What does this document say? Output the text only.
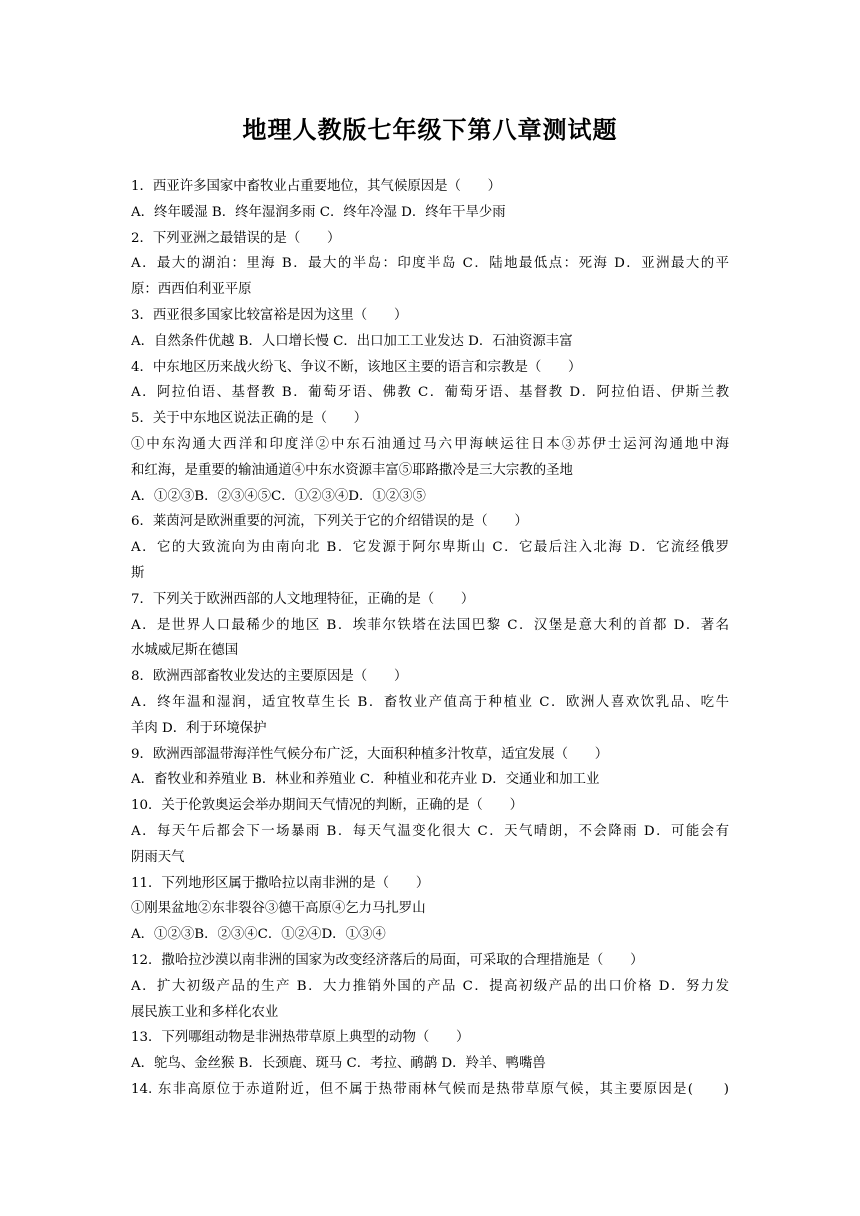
地理人教版七年级下第八章测试题
1．西亚许多国家中畜牧业占重要地位，其气候原因是（　　）
A．终年暖湿 B．终年湿润多雨 C．终年冷湿 D．终年干旱少雨
2．下列亚洲之最错误的是（　　）
A．最大的湖泊：里海 B．最大的半岛：印度半岛 C．陆地最低点：死海 D．亚洲最大的平
原：西西伯利亚平原
3．西亚很多国家比较富裕是因为这里（　　）
A．自然条件优越 B．人口增长慢 C．出口加工工业发达 D．石油资源丰富
4．中东地区历来战火纷飞、争议不断，该地区主要的语言和宗教是（　　）
A．阿拉伯语、基督教 B．葡萄牙语、佛教 C．葡萄牙语、基督教 D．阿拉伯语、伊斯兰教
5．关于中东地区说法正确的是（　　）
①中东沟通大西洋和印度洋②中东石油通过马六甲海峡运往日本③苏伊士运河沟通地中海
和红海，是重要的输油通道④中东水资源丰富⑤耶路撒冷是三大宗教的圣地
A．①②③B．②③④⑤C．①②③④D．①②③⑤
6．莱茵河是欧洲重要的河流，下列关于它的介绍错误的是（　　）
A．它的大致流向为由南向北 B．它发源于阿尔卑斯山 C．它最后注入北海 D．它流经俄罗
斯
7．下列关于欧洲西部的人文地理特征，正确的是（　　）
A．是世界人口最稀少的地区 B．埃菲尔铁塔在法国巴黎 C．汉堡是意大利的首都 D．著名
水城威尼斯在德国
8．欧洲西部畜牧业发达的主要原因是（　　）
A．终年温和湿润，适宜牧草生长 B．畜牧业产值高于种植业 C．欧洲人喜欢饮乳品、吃牛
羊肉 D．利于环境保护
9．欧洲西部温带海洋性气候分布广泛，大面积种植多汁牧草，适宜发展（　　）
A．畜牧业和养殖业 B．林业和养殖业 C．种植业和花卉业 D．交通业和加工业
10．关于伦敦奥运会举办期间天气情况的判断，正确的是（　　）
A．每天午后都会下一场暴雨 B．每天气温变化很大 C．天气晴朗，不会降雨 D．可能会有
阴雨天气
11．下列地形区属于撒哈拉以南非洲的是（　　）
①刚果盆地②东非裂谷③德干高原④乞力马扎罗山
A．①②③B．②③④C．①②④D．①③④
12．撒哈拉沙漠以南非洲的国家为改变经济落后的局面，可采取的合理措施是（　　）
A．扩大初级产品的生产 B．大力推销外国的产品 C．提高初级产品的出口价格 D．努力发
展民族工业和多样化农业
13．下列哪组动物是非洲热带草原上典型的动物（　　）
A．鸵鸟、金丝猴 B．长颈鹿、斑马 C．考拉、鸸鹋 D．羚羊、鸭嘴兽
14. 东非高原位于赤道附近，但不属于热带雨林气候而是热带草原气候，其主要原因是(　　)
